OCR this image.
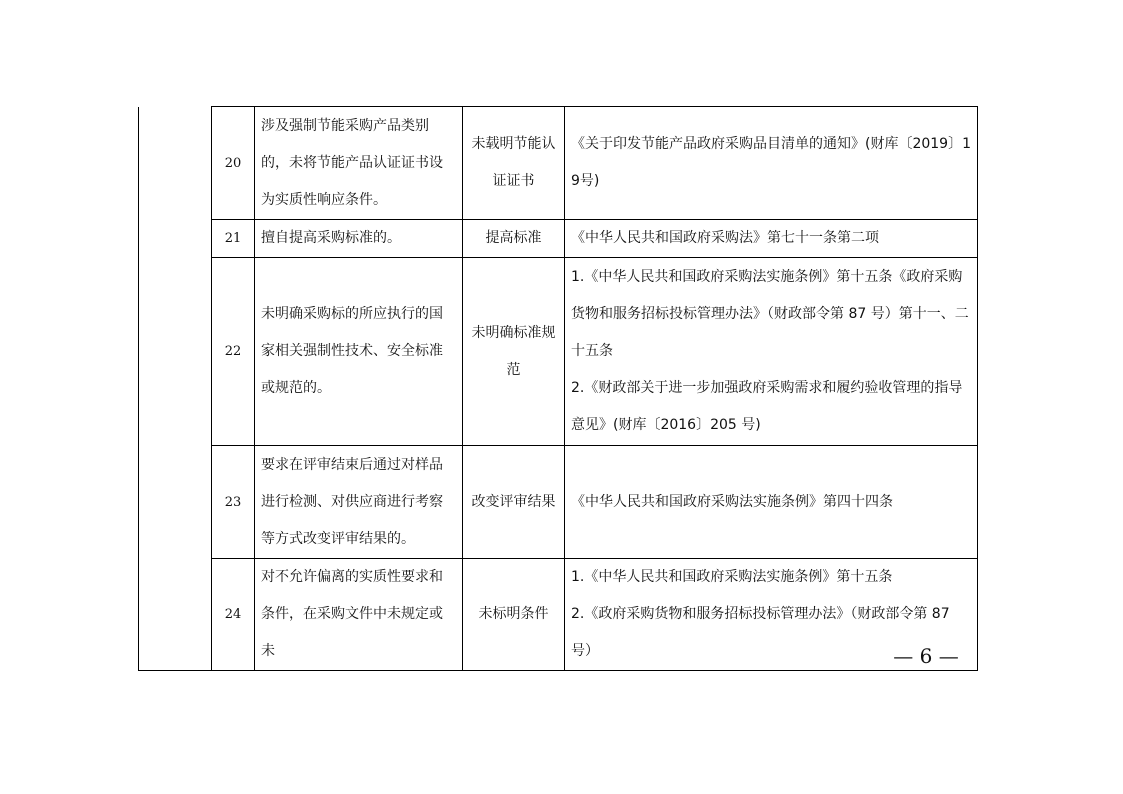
	20	涉及强制节能采购产品类别的，未将节能产品认证证书设为实质性响应条件。	未载明节能认证证书	《关于印发节能产品政府采购品目清单的通知》(财库〔2019〕19号)

	21	擅自提高采购标准的。	提高标准	《中华人民共和国政府采购法》第七十一条第二项

	22	未明确采购标的所应执行的国家相关强制性技术、安全标准或规范的。	未明确标准规范	1.《中华人民共和国政府采购法实施条例》第十五条《政府采购货物和服务招标投标管理办法》（财政部令第 87 号）第十一、二十五条
2.《财政部关于进一步加强政府采购需求和履约验收管理的指导意见》(财库〔2016〕205 号)

	23	要求在评审结束后通过对样品进行检测、对供应商进行考察等方式改变评审结果的。	改变评审结果	《中华人民共和国政府采购法实施条例》第四十四条

	24	对不允许偏离的实质性要求和条件，在采购文件中未规定或未	未标明条件	1.《中华人民共和国政府采购法实施条例》第十五条
2.《政府采购货物和服务招标投标管理办法》（财政部令第 87 号）	— 6 —
